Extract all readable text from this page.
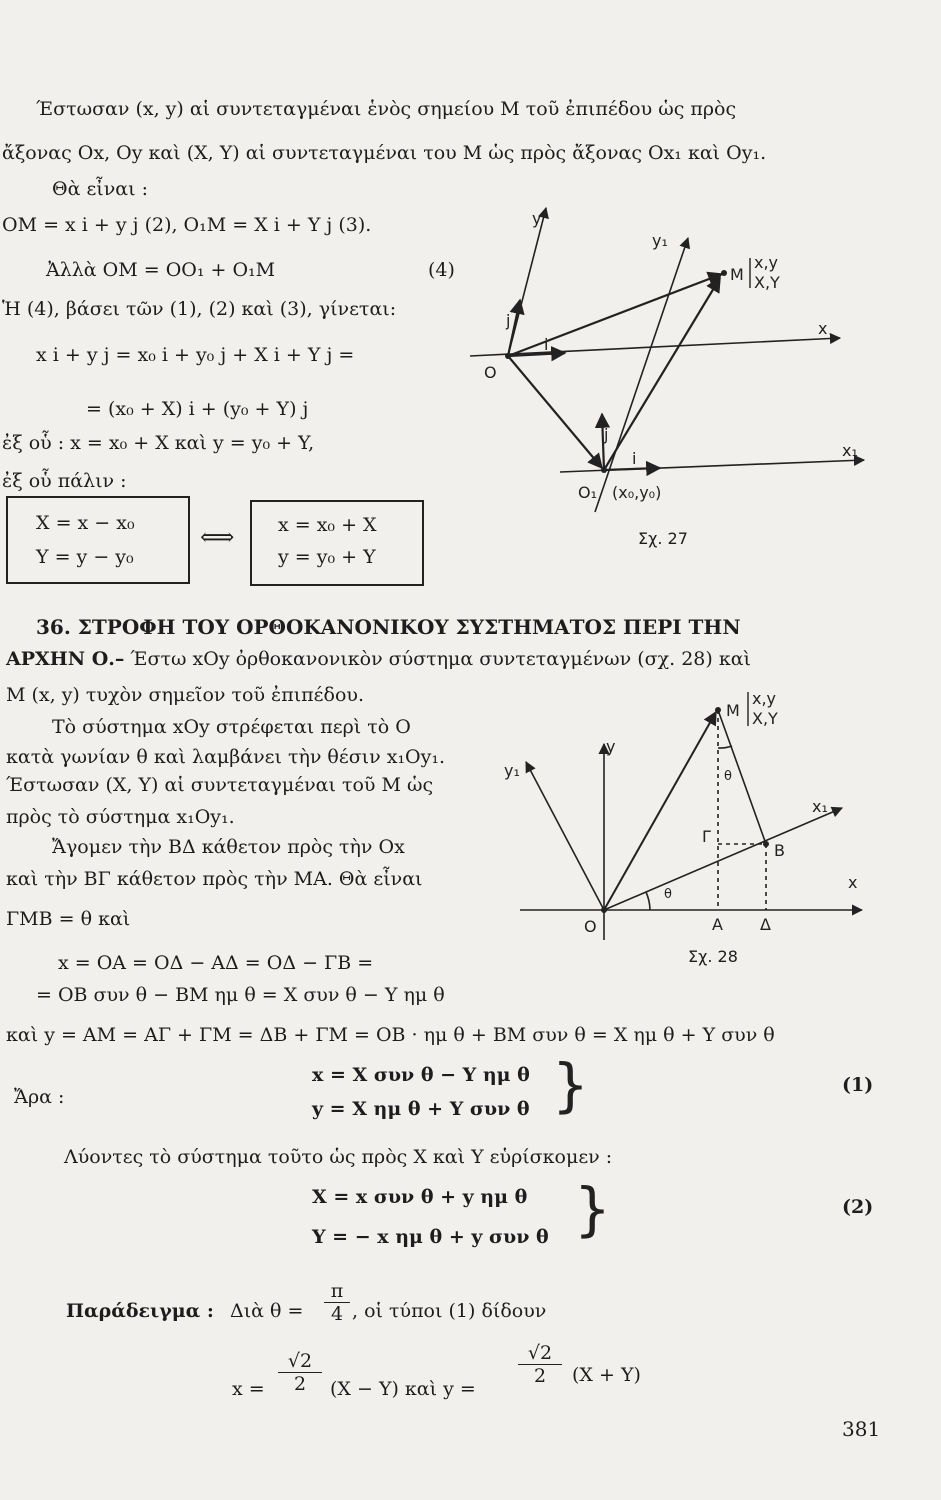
Έστωσαν (x, y) αἱ συντεταγμέναι ἑνὸς σημείου Μ τοῦ ἐπιπέδου ὡς πρὸς
ἄξονας Ox, Oy καὶ (X, Y) αἱ συντεταγμέναι του Μ ὡς πρὸς ἄξονας Ox₁ καὶ Oy₁.
Θὰ εἶναι :
OM = x i + y j (2), O₁M = X i + Y j (3).
Ἀλλὰ OM = OO₁ + O₁M	(4)
Ἡ (4), βάσει τῶν (1), (2) καὶ (3), γίνεται:
x i + y j = x₀ i + y₀ j + X i + Y j =
= (x₀ + X) i + (y₀ + Y) j
ἐξ οὗ : x = x₀ + X καὶ y = y₀ + Y,
ἐξ οὗ πάλιν :
X = x − x₀
Y = y − y₀
⟺ x = x₀ + X
y = y₀ + Y
y
y₁
x
x₁
O
O₁ (x₀,y₀)
M
x,y
X,Y
i
j
i
j
Σχ. 27
36. ΣΤΡΟΦΗ ΤΟΥ ΟΡΘΟΚΑΝΟΝΙΚΟΥ ΣΥΣΤΗΜΑΤΟΣ ΠΕΡΙ ΤΗΝ
ΑΡΧΗΝ Ο.– Έστω xOy ὀρθοκανονικὸν σύστημα συντεταγμένων (σχ. 28) καὶ
Μ (x, y) τυχὸν σημεῖον τοῦ ἐπιπέδου.
Τὸ σύστημα xOy στρέφεται περὶ τὸ Ο
κατὰ γωνίαν θ καὶ λαμβάνει τὴν θέσιν x₁Oy₁.
Έστωσαν (X, Y) αἱ συντεταγμέναι τοῦ Μ ὡς
πρὸς τὸ σύστημα x₁Oy₁.
Ἄγομεν τὴν ΒΔ κάθετον πρὸς τὴν Οx
καὶ τὴν ΒΓ κάθετον πρὸς τὴν ΜΑ. Θὰ εἶναι
ΓMB = θ καὶ
y
y₁
x
x₁
O
M
x,y
X,Y
Γ
B
A Δ
θ
θ
Σχ. 28
x = OA = OΔ − AΔ = OΔ − ΓB =
= OB συν θ − BM ημ θ = X συν θ − Y ημ θ
καὶ y = AM = AΓ + ΓM = ΔB + ΓM = OB · ημ θ + BM συν θ = X ημ θ + Y συν θ
Ἄρα :
x = X συν θ − Y ημ θ
y = X ημ θ + Y συν θ }	(1)
Λύοντες τὸ σύστημα τοῦτο ὡς πρὸς Χ καὶ Υ εὑρίσκομεν :
X = x συν θ + y ημ θ
Y = − x ημ θ + y συν θ }	(2)
Παράδειγμα : Διὰ $\theta = \frac{\pi}{4}$ , οἱ τύποι (1) δίδουν
$x = \frac{√2}{2} (X - Y)$ καὶ y =
$\frac{√2}{2} (X + Y)$
381
